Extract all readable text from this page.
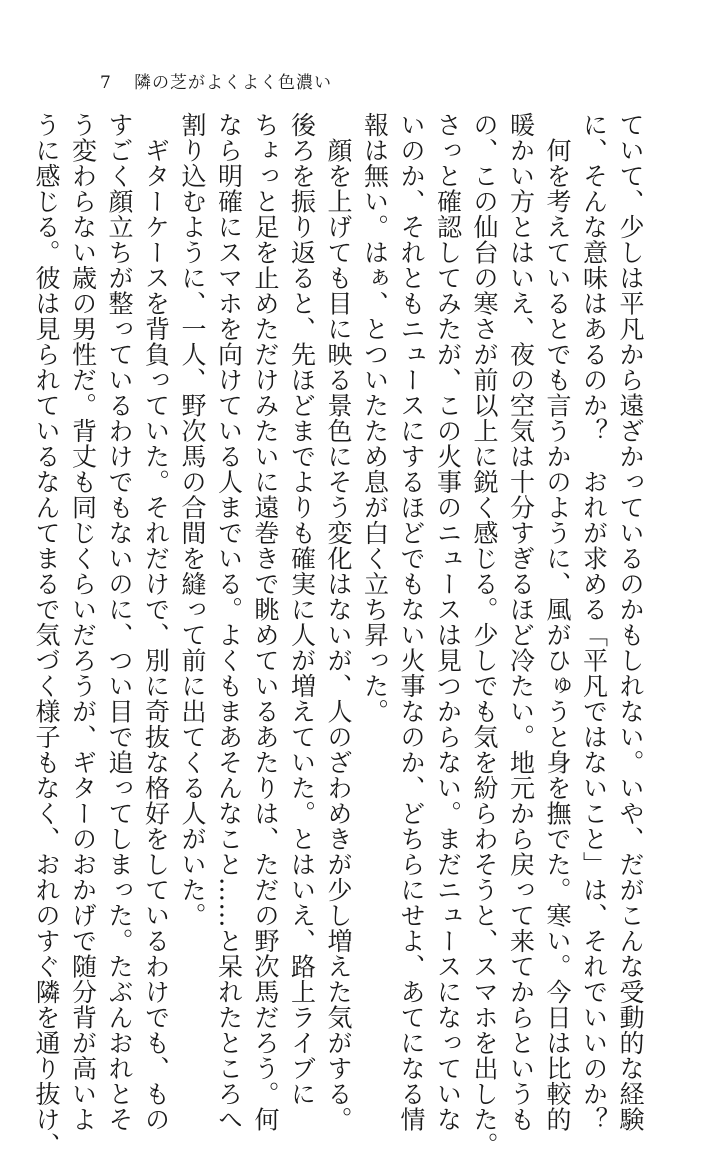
7 隣の芝がよくよく色濃い

ていて、少しは平凡から遠ざかっているのかもしれない。いや、だがこんな受動的な経験

に、そんな意味はあるのか？　おれが求める「平凡ではないこと」は、それでいいのか？

　何を考えているとでも言うかのように、風がひゅうと身を撫でた。寒い。今日は比較的

暖かい方とはいえ、夜の空気は十分すぎるほど冷たい。地元から戻って来てからというも

の、この仙台の寒さが前以上に鋭く感じる。少しでも気を紛らわそうと、スマホを出した。

さっと確認してみたが、この火事のニュースは見つからない。まだニュースになっていな

いのか、それともニュースにするほどでもない火事なのか、どちらにせよ、あてになる情

報は無い。はぁ、とついたため息が白く立ち昇った。

　顔を上げても目に映る景色にそう変化はないが、人のざわめきが少し増えた気がする。

後ろを振り返ると、先ほどまでよりも確実に人が増えていた。とはいえ、路上ライブに

ちょっと足を止めただけみたいに遠巻きで眺めているあたりは、ただの野次馬だろう。何

なら明確にスマホを向けている人までいる。よくもまあそんなこと……と呆れたところへ

割り込むように、一人、野次馬の合間を縫って前に出てくる人がいた。

　ギターケースを背負っていた。それだけで、別に奇抜な格好をしているわけでも、もの

すごく顔立ちが整っているわけでもないのに、つい目で追ってしまった。たぶんおれとそ

う変わらない歳の男性だ。背丈も同じくらいだろうが、ギターのおかげで随分背が高いよ

うに感じる。彼は見られているなんてまるで気づく様子もなく、おれのすぐ隣を通り抜け、
